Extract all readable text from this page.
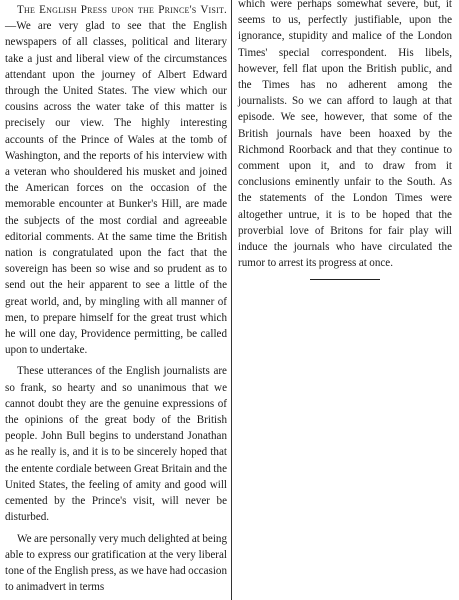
The English Press upon the Prince's Visit.—We are very glad to see that the English newspapers of all classes, political and literary take a just and liberal view of the circumstances attendant upon the journey of Albert Edward through the United States. The view which our cousins across the water take of this matter is precisely our view. The highly interesting accounts of the Prince of Wales at the tomb of Washington, and the reports of his interview with a veteran who shouldered his musket and joined the American forces on the occasion of the memorable encounter at Bunker's Hill, are made the subjects of the most cordial and agreeable editorial comments. At the same time the British nation is congratulated upon the fact that the sovereign has been so wise and so prudent as to send out the heir apparent to see a little of the great world, and, by mingling with all manner of men, to prepare himself for the great trust which he will one day, Providence permitting, be called upon to undertake.

These utterances of the English journalists are so frank, so hearty and so unanimous that we cannot doubt they are the genuine expressions of the opinions of the great body of the British people. John Bull begins to understand Jonathan as he really is, and it is to be sincerely hoped that the entente cordiale between Great Britain and the United States, the feeling of amity and good will cemented by the Prince's visit, will never be disturbed.

We are personally very much delighted at being able to express our gratification at the very liberal tone of the English press, as we have had occasion to animadvert in terms

which were perhaps somewhat severe, but, it seems to us, perfectly justifiable, upon the ignorance, stupidity and malice of the London Times' special correspondent. His libels, however, fell flat upon the British public, and the Times has no adherent among the journalists. So we can afford to laugh at that episode. We see, however, that some of the British journals have been hoaxed by the Richmond Roorback and that they continue to comment upon it, and to draw from it conclusions eminently unfair to the South. As the statements of the London Times were altogether untrue, it is to be hoped that the proverbial love of Britons for fair play will induce the journals who have circulated the rumor to arrest its progress at once.
